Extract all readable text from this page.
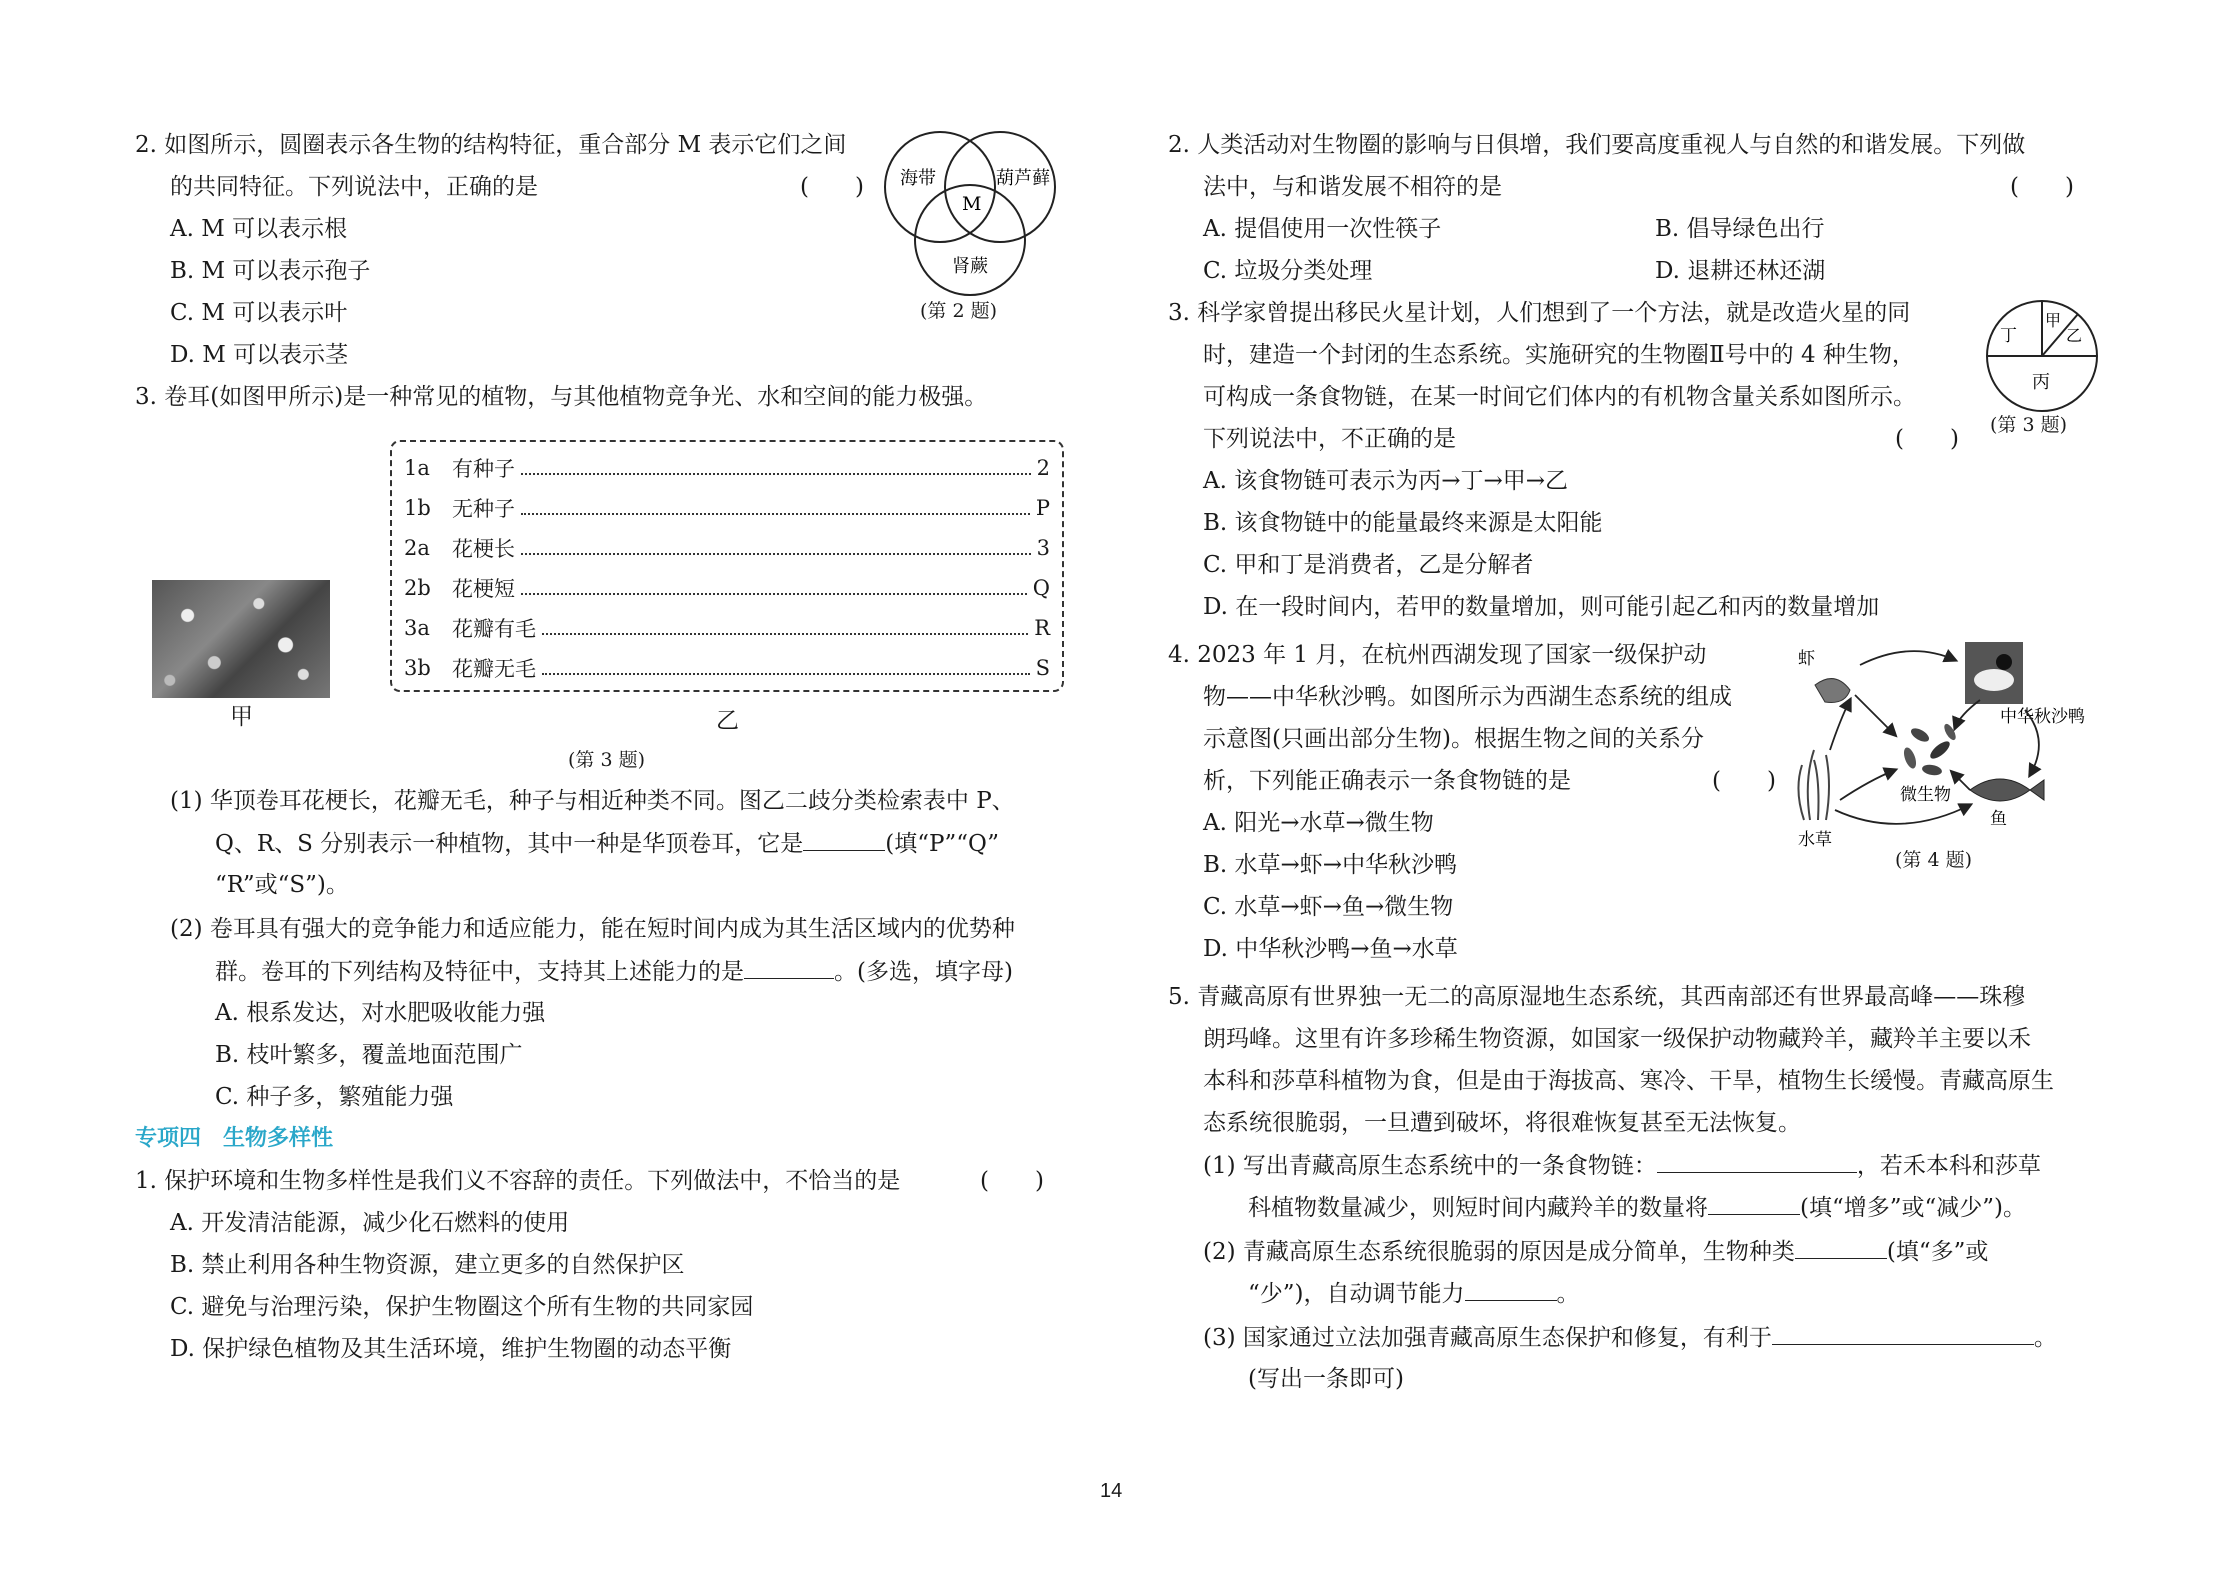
2. 如图所示，圆圈表示各生物的结构特征，重合部分 M 表示它们之间
的共同特征。下列说法中，正确的是	(　　)
A. M 可以表示根
B. M 可以表示孢子
C. M 可以表示叶
D. M 可以表示茎
海带	葫芦藓
M
肾蕨
(第 2 题)
3. 卷耳(如图甲所示)是一种常见的植物，与其他植物竞争光、水和空间的能力极强。
甲
1a	有种子	2
1b	无种子	P
2a	花梗长	3
2b	花梗短	Q
3a	花瓣有毛	R
3b	花瓣无毛	S
乙
(第 3 题)
(1) 华顶卷耳花梗长，花瓣无毛，种子与相近种类不同。图乙二歧分类检索表中 P、
Q、R、S 分别表示一种植物，其中一种是华顶卷耳，它是	(填“P”“Q”
“R”或“S”)。
(2) 卷耳具有强大的竞争能力和适应能力，能在短时间内成为其生活区域内的优势种
群。卷耳的下列结构及特征中，支持其上述能力的是	。(多选，填字母)
A. 根系发达，对水肥吸收能力强
B. 枝叶繁多，覆盖地面范围广
C. 种子多，繁殖能力强
专项四　生物多样性
1. 保护环境和生物多样性是我们义不容辞的责任。下列做法中，不恰当的是	(　　)
A. 开发清洁能源，减少化石燃料的使用
B. 禁止利用各种生物资源，建立更多的自然保护区
C. 避免与治理污染，保护生物圈这个所有生物的共同家园
D. 保护绿色植物及其生活环境，维护生物圈的动态平衡
2. 人类活动对生物圈的影响与日俱增，我们要高度重视人与自然的和谐发展。下列做
法中，与和谐发展不相符的是	(　　)
A. 提倡使用一次性筷子	B. 倡导绿色出行
C. 垃圾分类处理	D. 退耕还林还湖
3. 科学家曾提出移民火星计划，人们想到了一个方法，就是改造火星的同
时，建造一个封闭的生态系统。实施研究的生物圈Ⅱ号中的 4 种生物，
可构成一条食物链，在某一时间它们体内的有机物含量关系如图所示。
下列说法中，不正确的是	(　　)
A. 该食物链可表示为丙→丁→甲→乙
B. 该食物链中的能量最终来源是太阳能
C. 甲和丁是消费者，乙是分解者
D. 在一段时间内，若甲的数量增加，则可能引起乙和丙的数量增加
丁
甲
乙
丙
(第 3 题)
4. 2023 年 1 月，在杭州西湖发现了国家一级保护动
物——中华秋沙鸭。如图所示为西湖生态系统的组成
示意图(只画出部分生物)。根据生物之间的关系分
析，下列能正确表示一条食物链的是	(　　)
A. 阳光→水草→微生物
B. 水草→虾→中华秋沙鸭
C. 水草→虾→鱼→微生物
D. 中华秋沙鸭→鱼→水草
虾
中华秋沙鸭
微生物
鱼
水草
(第 4 题)
5. 青藏高原有世界独一无二的高原湿地生态系统，其西南部还有世界最高峰——珠穆
朗玛峰。这里有许多珍稀生物资源，如国家一级保护动物藏羚羊，藏羚羊主要以禾
本科和莎草科植物为食，但是由于海拔高、寒冷、干旱，植物生长缓慢。青藏高原生
态系统很脆弱，一旦遭到破坏，将很难恢复甚至无法恢复。
(1) 写出青藏高原生态系统中的一条食物链：	，若禾本科和莎草
科植物数量减少，则短时间内藏羚羊的数量将	(填“增多”或“减少”)。
(2) 青藏高原生态系统很脆弱的原因是成分简单，生物种类	(填“多”或
“少”)，自动调节能力	。
(3) 国家通过立法加强青藏高原生态保护和修复，有利于	。
(写出一条即可)
14
